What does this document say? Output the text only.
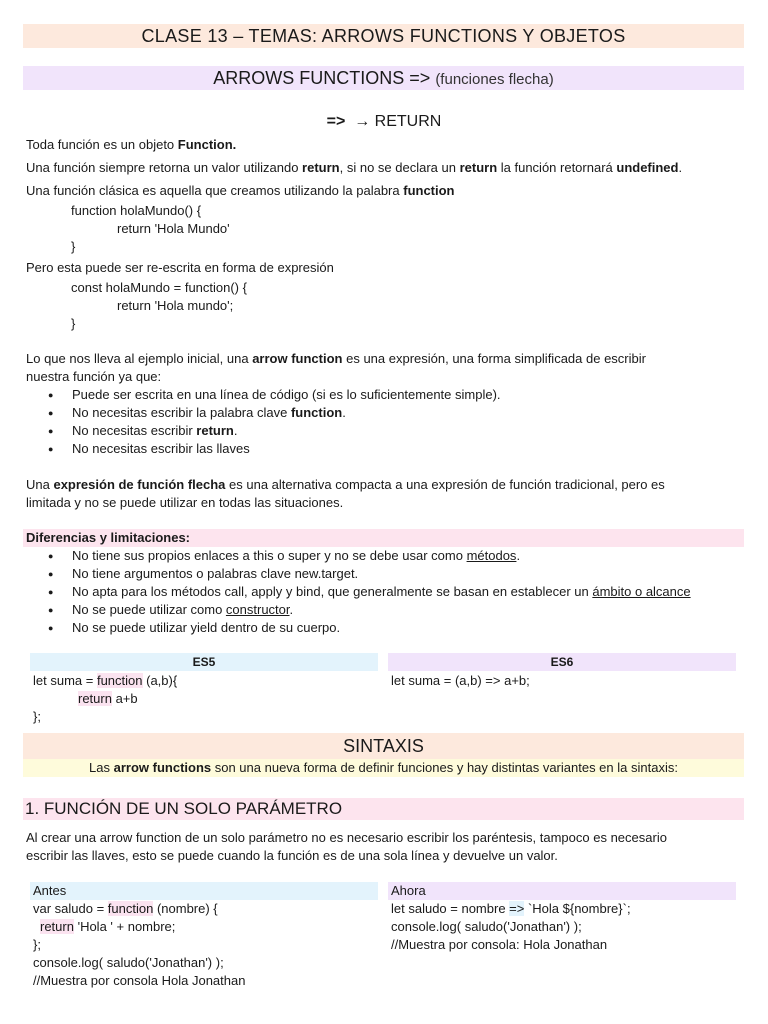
CLASE 13 – TEMAS: ARROWS FUNCTIONS Y OBJETOS
ARROWS FUNCTIONS => (funciones flecha)
=> → RETURN
Toda función es un objeto Function.
Una función siempre retorna un valor utilizando return, si no se declara un return la función retornará undefined.
Una función clásica es aquella que creamos utilizando la palabra function
function holaMundo() {
return 'Hola Mundo'
}
Pero esta puede ser re-escrita en forma de expresión
const holaMundo = function() {
return 'Hola mundo';
}
Lo que nos lleva al ejemplo inicial, una arrow function es una expresión, una forma simplificada de escribir
nuestra función ya que:
● Puede ser escrita en una línea de código (si es lo suficientemente simple).
● No necesitas escribir la palabra clave function.
● No necesitas escribir return.
● No necesitas escribir las llaves
Una expresión de función flecha es una alternativa compacta a una expresión de función tradicional, pero es
limitada y no se puede utilizar en todas las situaciones.
Diferencias y limitaciones:
● No tiene sus propios enlaces a this o super y no se debe usar como métodos.
● No tiene argumentos o palabras clave new.target.
● No apta para los métodos call, apply y bind, que generalmente se basan en establecer un ámbito o alcance
● No se puede utilizar como constructor.
● No se puede utilizar yield dentro de su cuerpo.
ES5	ES6
let suma = function (a,b){
return a+b
};
let suma = (a,b) => a+b;
SINTAXIS
Las arrow functions son una nueva forma de definir funciones y hay distintas variantes en la sintaxis:
1. FUNCIÓN DE UN SOLO PARÁMETRO
Al crear una arrow function de un solo parámetro no es necesario escribir los paréntesis, tampoco es necesario
escribir las llaves, esto se puede cuando la función es de una sola línea y devuelve un valor.
Antes	Ahora
var saludo = function (nombre) {
return 'Hola ' + nombre;
};
console.log( saludo('Jonathan') );
//Muestra por consola Hola Jonathan
let saludo = nombre => `Hola ${nombre}`;
console.log( saludo('Jonathan') );
//Muestra por consola: Hola Jonathan
